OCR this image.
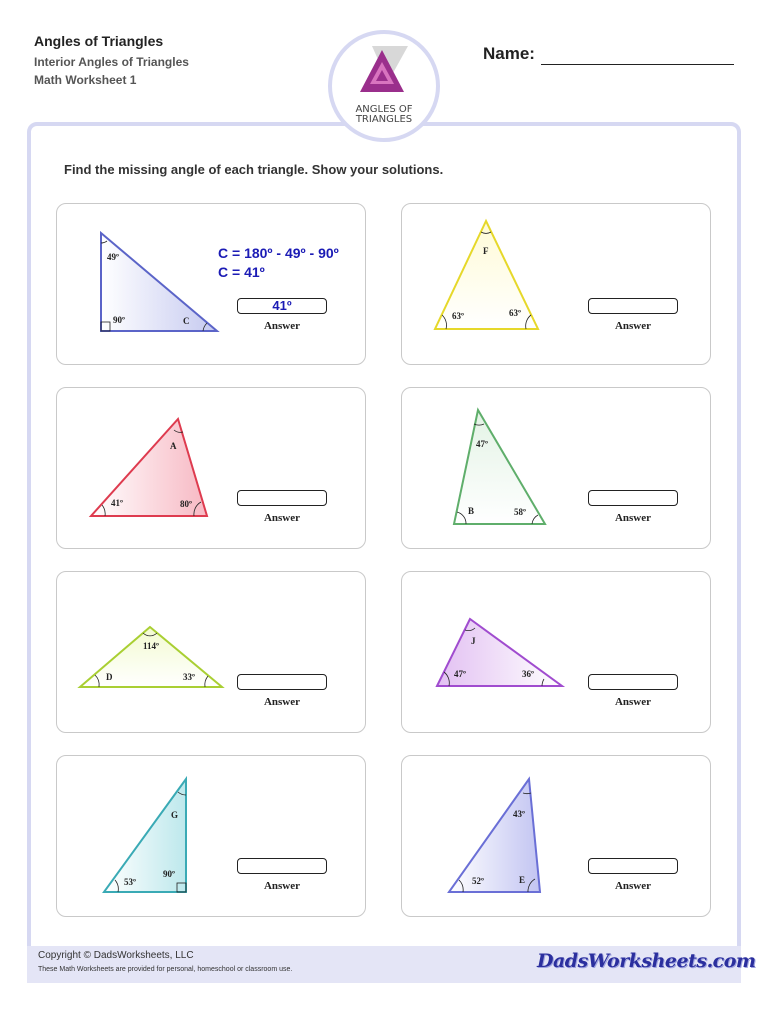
Angles of Triangles
Interior Angles of Triangles
Math Worksheet 1
Name:
ANGLES OF
TRIANGLES
Find the missing angle of each triangle. Show your solutions.
49º
90º	C
C = 180º - 49º - 90º
C = 41º
41º
Answer
F
63º	63º
Answer
A
41º	80º
Answer
47º
B	58º	Answer
114º
D	33º
Answer
J
47º	36º
Answer
G
53º
90º
Answer
43º
52º	E	Answer
Copyright © DadsWorksheets, LLC
These Math Worksheets are provided for personal, homeschool or classroom use.	DadsWorksheets.com
